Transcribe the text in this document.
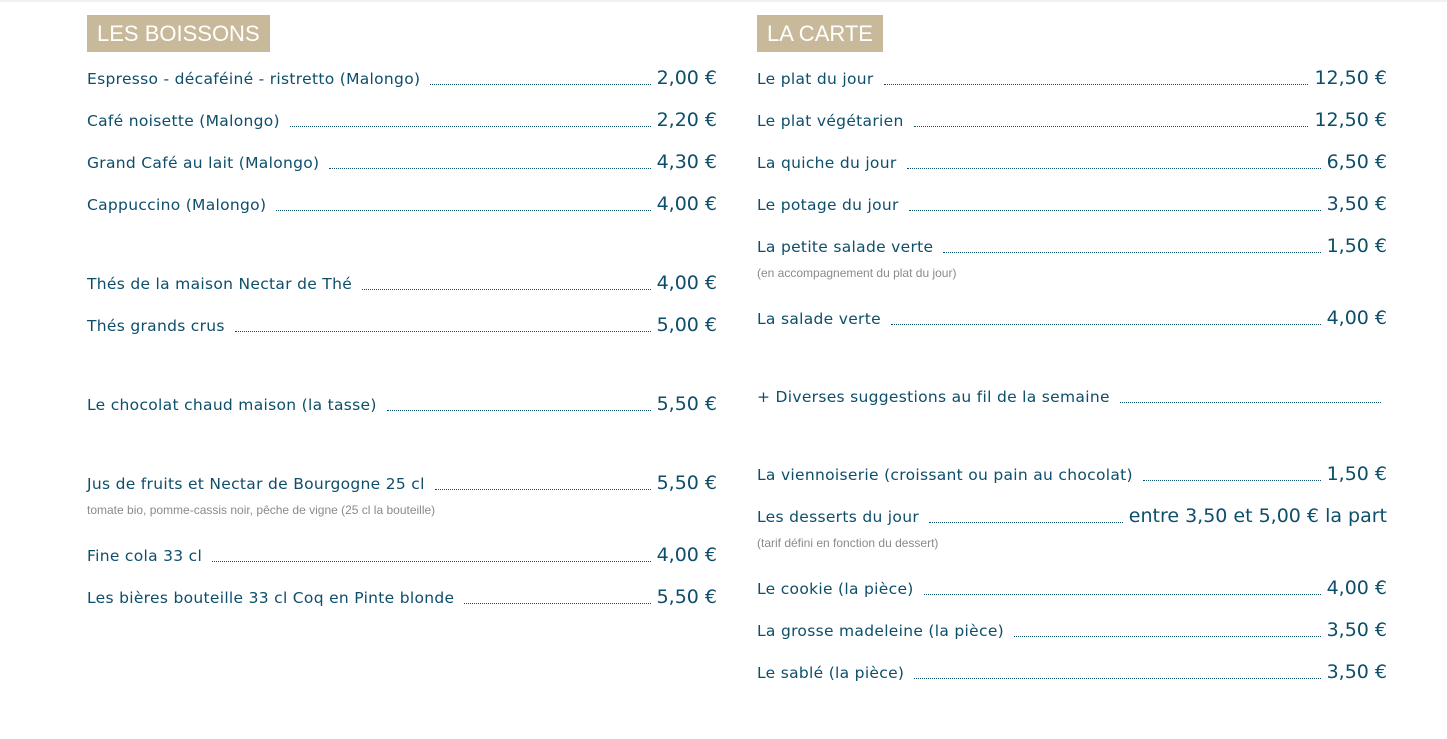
LES BOISSONS
Espresso - décaféiné - ristretto (Malongo)	2,00 €
Café noisette (Malongo)	2,20 €
Grand Café au lait (Malongo)	4,30 €
Cappuccino (Malongo)	4,00 €
Thés de la maison Nectar de Thé	4,00 €
Thés grands crus	5,00 €
Le chocolat chaud maison (la tasse)	5,50 €
Jus de fruits et Nectar de Bourgogne 25 cl	5,50 €
tomate bio, pomme-cassis noir, pêche de vigne (25 cl la bouteille)
Fine cola 33 cl	4,00 €
Les bières bouteille 33 cl Coq en Pinte blonde	5,50 €
LA CARTE
Le plat du jour	12,50 €
Le plat végétarien	12,50 €
La quiche du jour	6,50 €
Le potage du jour	3,50 €
La petite salade verte	1,50 €
(en accompagnement du plat du jour)
La salade verte	4,00 €
+ Diverses suggestions au fil de la semaine
La viennoiserie (croissant ou pain au chocolat)	1,50 €
Les desserts du jour	entre 3,50 et 5,00 € la part
(tarif défini en fonction du dessert)
Le cookie (la pièce)	4,00 €
La grosse madeleine (la pièce)	3,50 €
Le sablé (la pièce)	3,50 €
